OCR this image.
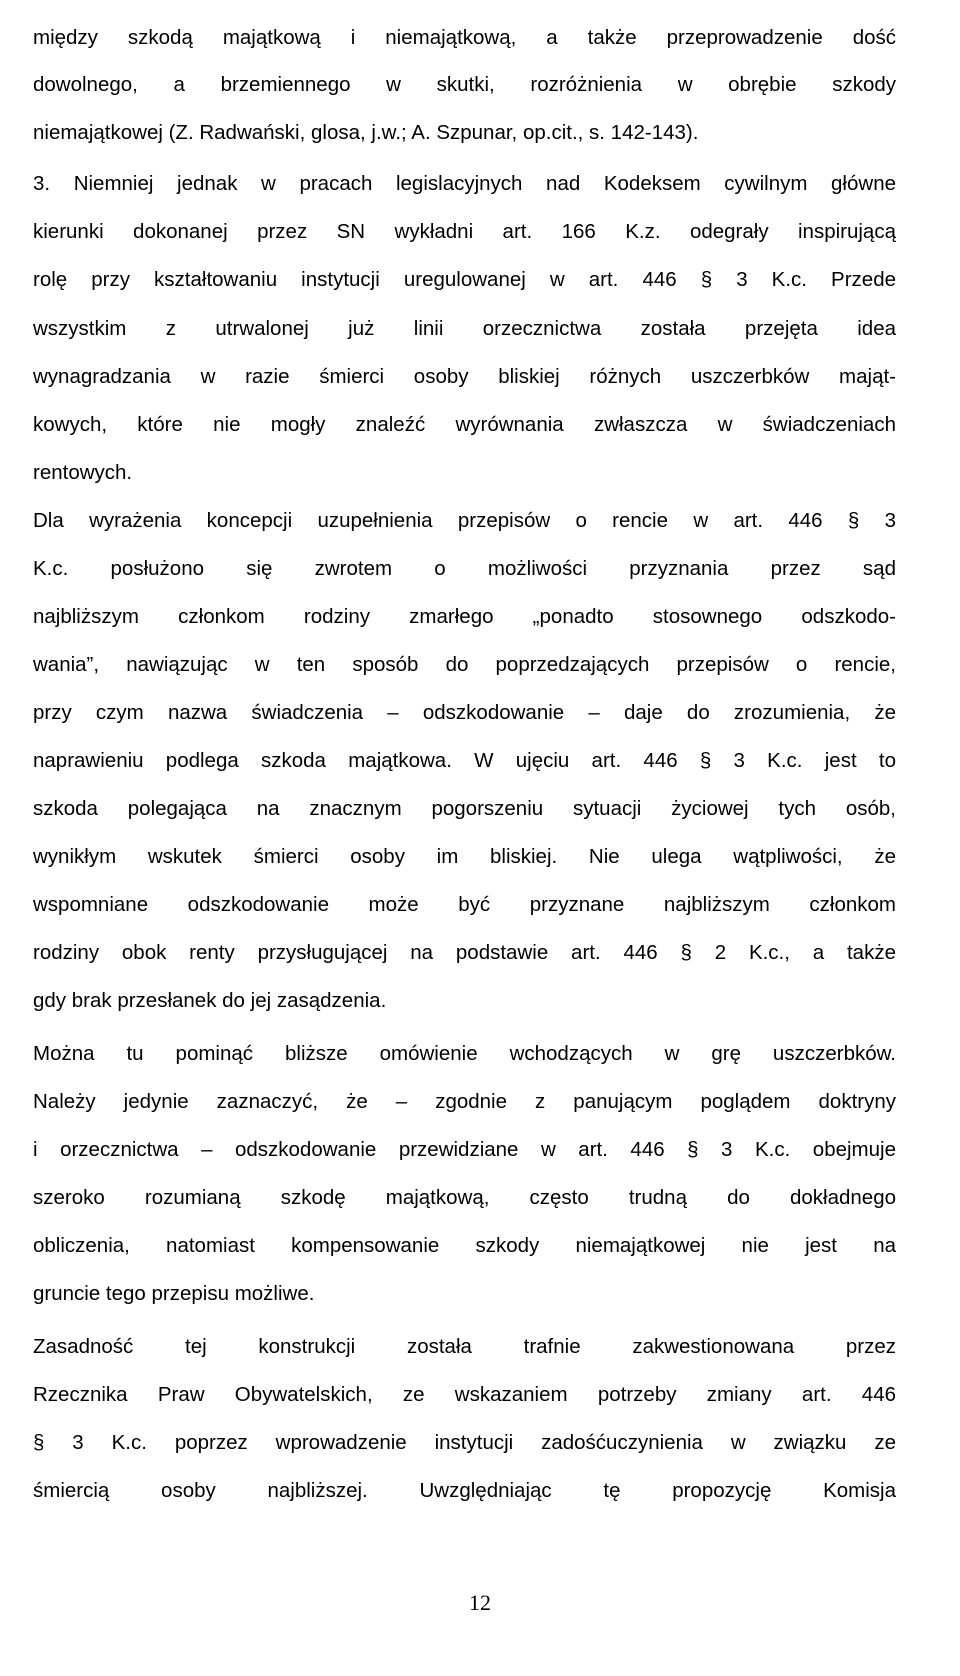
między szkodą majątkową i niemajątkową, a także przeprowadzenie dość
dowolnego, a brzemiennego w skutki, rozróżnienia w obrębie szkody
niemajątkowej (Z. Radwański, glosa, j.w.; A. Szpunar, op.cit., s. 142-143).
3. Niemniej jednak w pracach legislacyjnych nad Kodeksem cywilnym główne
kierunki dokonanej przez SN wykładni art. 166 K.z. odegrały inspirującą
rolę przy kształtowaniu instytucji uregulowanej w art. 446 § 3 K.c. Przede
wszystkim z utrwalonej już linii orzecznictwa została przejęta idea
wynagradzania w razie śmierci osoby bliskiej różnych uszczerbków mająt-
kowych, które nie mogły znaleźć wyrównania zwłaszcza w świadczeniach
rentowych.
Dla wyrażenia koncepcji uzupełnienia przepisów o rencie w art. 446 § 3
K.c. posłużono się zwrotem o możliwości przyznania przez sąd
najbliższym członkom rodziny zmarłego „ponadto stosownego odszkodo-
wania”, nawiązując w ten sposób do poprzedzających przepisów o rencie,
przy czym nazwa świadczenia – odszkodowanie – daje do zrozumienia, że
naprawieniu podlega szkoda majątkowa. W ujęciu art. 446 § 3 K.c. jest to
szkoda polegająca na znacznym pogorszeniu sytuacji życiowej tych osób,
wynikłym wskutek śmierci osoby im bliskiej. Nie ulega wątpliwości, że
wspomniane odszkodowanie może być przyznane najbliższym członkom
rodziny obok renty przysługującej na podstawie art. 446 § 2 K.c., a także
gdy brak przesłanek do jej zasądzenia.
Można tu pominąć bliższe omówienie wchodzących w grę uszczerbków.
Należy jedynie zaznaczyć, że – zgodnie z panującym poglądem doktryny
i orzecznictwa – odszkodowanie przewidziane w art. 446 § 3 K.c. obejmuje
szeroko rozumianą szkodę majątkową, często trudną do dokładnego
obliczenia, natomiast kompensowanie szkody niemajątkowej nie jest na
gruncie tego przepisu możliwe.
Zasadność tej konstrukcji została trafnie zakwestionowana przez
Rzecznika Praw Obywatelskich, ze wskazaniem potrzeby zmiany art. 446
§ 3 K.c. poprzez wprowadzenie instytucji zadośćuczynienia w związku ze
śmiercią osoby najbliższej. Uwzględniając tę propozycję Komisja
12
